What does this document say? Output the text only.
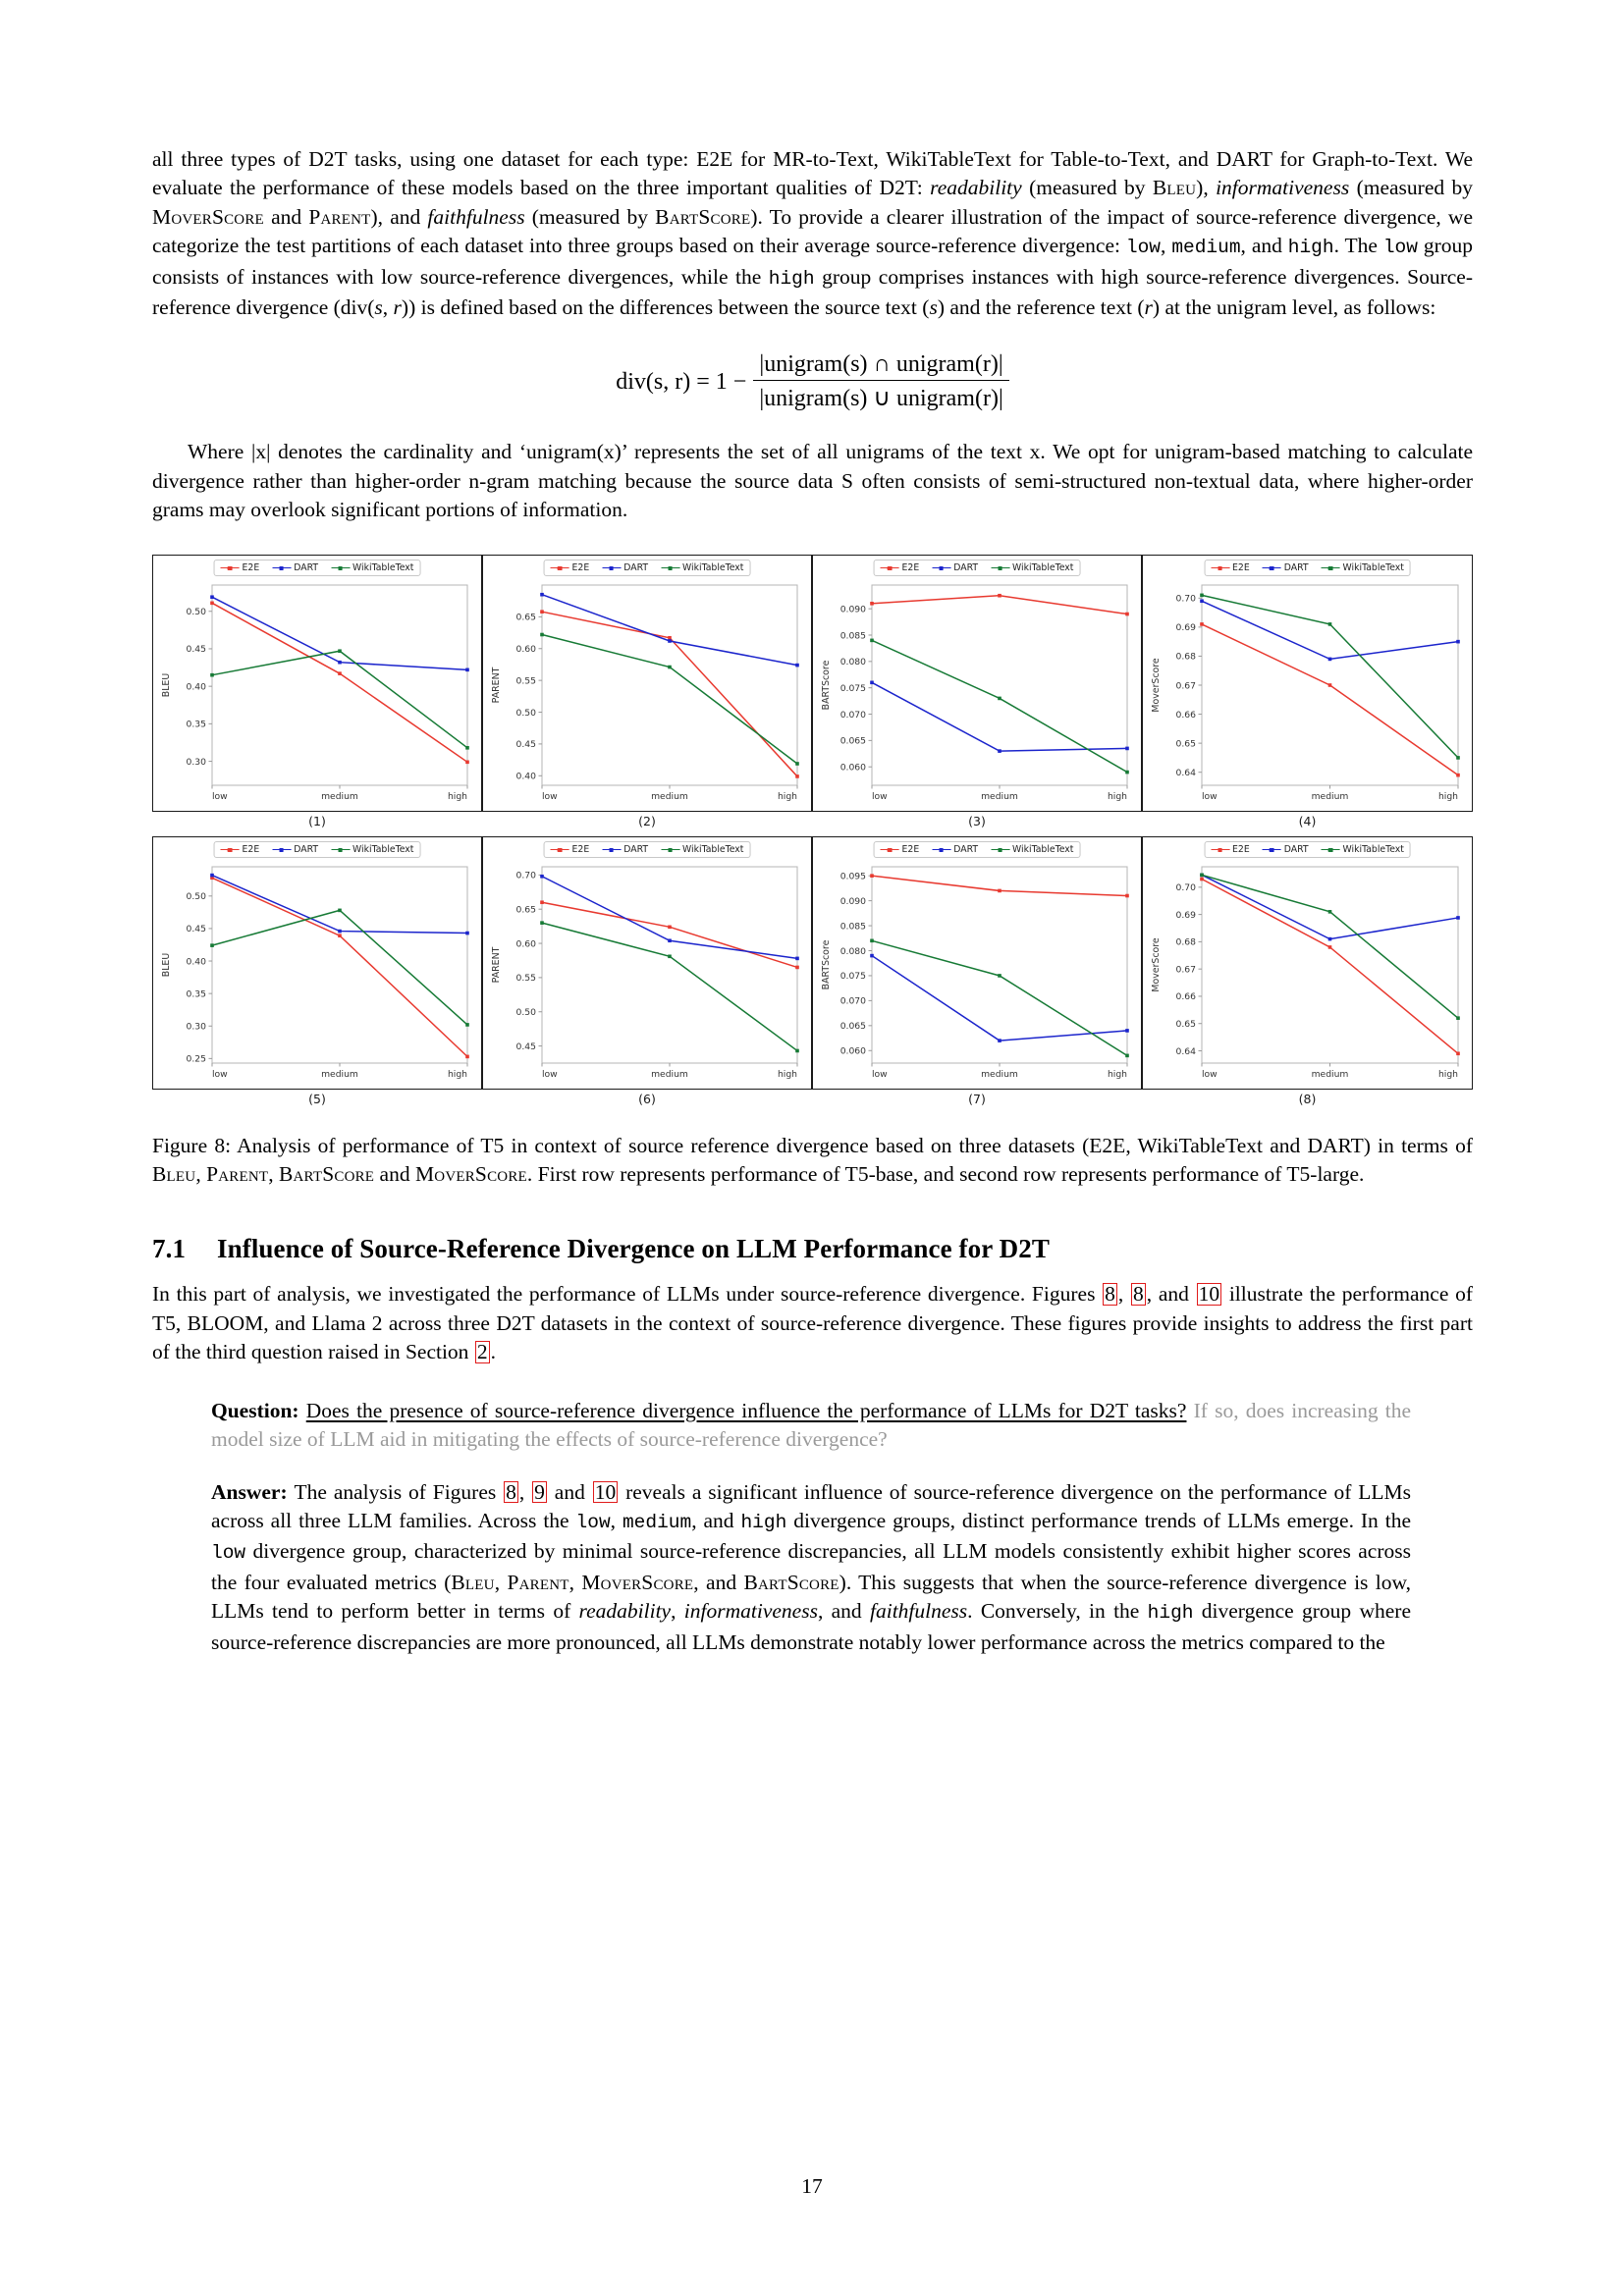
all three types of D2T tasks, using one dataset for each type: E2E for MR-to-Text, WikiTableText for Table-to-Text, and DART for Graph-to-Text. We evaluate the performance of these models based on the three important qualities of D2T: readability (measured by Bleu), informativeness (measured by MoverScore and Parent), and faithfulness (measured by BartScore). To provide a clearer illustration of the impact of source-reference divergence, we categorize the test partitions of each dataset into three groups based on their average source-reference divergence: low, medium, and high. The low group consists of instances with low source-reference divergences, while the high group comprises instances with high source-reference divergences. Source-reference divergence (div(s, r)) is defined based on the differences between the source text (s) and the reference text (r) at the unigram level, as follows:

div(s, $r) = 1 - \frac{\text{|unigram(s) ∩ unigram(r)|}}{\text{|unigram(s) ∪ unigram(r)|}}$

Where |x| denotes the cardinality and ‘unigram(x)’ represents the set of all unigrams of the text x. We opt for unigram-based matching to calculate divergence rather than higher-order n-gram matching because the source data S often consists of semi-structured non-textual data, where higher-order grams may overlook significant portions of information.

E2E	DART	WikiTableText
0.30
0.35
0.40
0.45
0.50
low	medium	high
BLEU
E2E	DART	WikiTableText
0.40
0.45
0.50
0.55
0.60
0.65
low	medium	high
PARENT
E2E	DART	WikiTableText
0.060
0.065
0.070
0.075
0.080
0.085
0.090
low	medium	high
BARTScore
E2E	DART	WikiTableText
0.64
0.65
0.66
0.67
0.68
0.69
0.70
low	medium	high
MoverScore
(1)	(2)	(3)	(4)
E2E	DART	WikiTableText
0.25
0.30
0.35
0.40
0.45
0.50
low	medium	high
BLEU
E2E	DART	WikiTableText
0.45
0.50
0.55
0.60
0.65
0.70
low	medium	high
PARENT
E2E	DART	WikiTableText
0.060
0.065
0.070
0.075
0.080
0.085
0.090
0.095
low	medium	high
BARTScore
E2E	DART	WikiTableText
0.64
0.65
0.66
0.67
0.68
0.69
0.70
low	medium	high
MoverScore
(5)	(6)	(7)	(8)

Figure 8: Analysis of performance of T5 in context of source reference divergence based on three datasets (E2E, WikiTableText and DART) in terms of Bleu, Parent, BartScore and MoverScore. First row represents performance of T5-base, and second row represents performance of T5-large.

7.1 Influence of Source-Reference Divergence on LLM Performance for D2T

In this part of analysis, we investigated the performance of LLMs under source-reference divergence. Figures 8 , 8 , and 10 illustrate the performance of T5, BLOOM, and Llama 2 across three D2T datasets in the context of source-reference divergence. These figures provide insights to address the first part of the third question raised in Section 2 .

Question: Does the presence of source-reference divergence influence the performance of LLMs for D2T tasks? If so, does increasing the model size of LLM aid in mitigating the effects of source-reference divergence?

Answer: The analysis of Figures 8 , 9 and 10 reveals a significant influence of source-reference divergence on the performance of LLMs across all three LLM families. Across the low, medium, and high divergence groups, distinct performance trends of LLMs emerge. In the low divergence group, characterized by minimal source-reference discrepancies, all LLM models consistently exhibit higher scores across the four evaluated metrics (Bleu, Parent, MoverScore, and BartScore). This suggests that when the source-reference divergence is low, LLMs tend to perform better in terms of readability, informativeness, and faithfulness. Conversely, in the high divergence group where source-reference discrepancies are more pronounced, all LLMs demonstrate notably lower performance across the metrics compared to the

17
